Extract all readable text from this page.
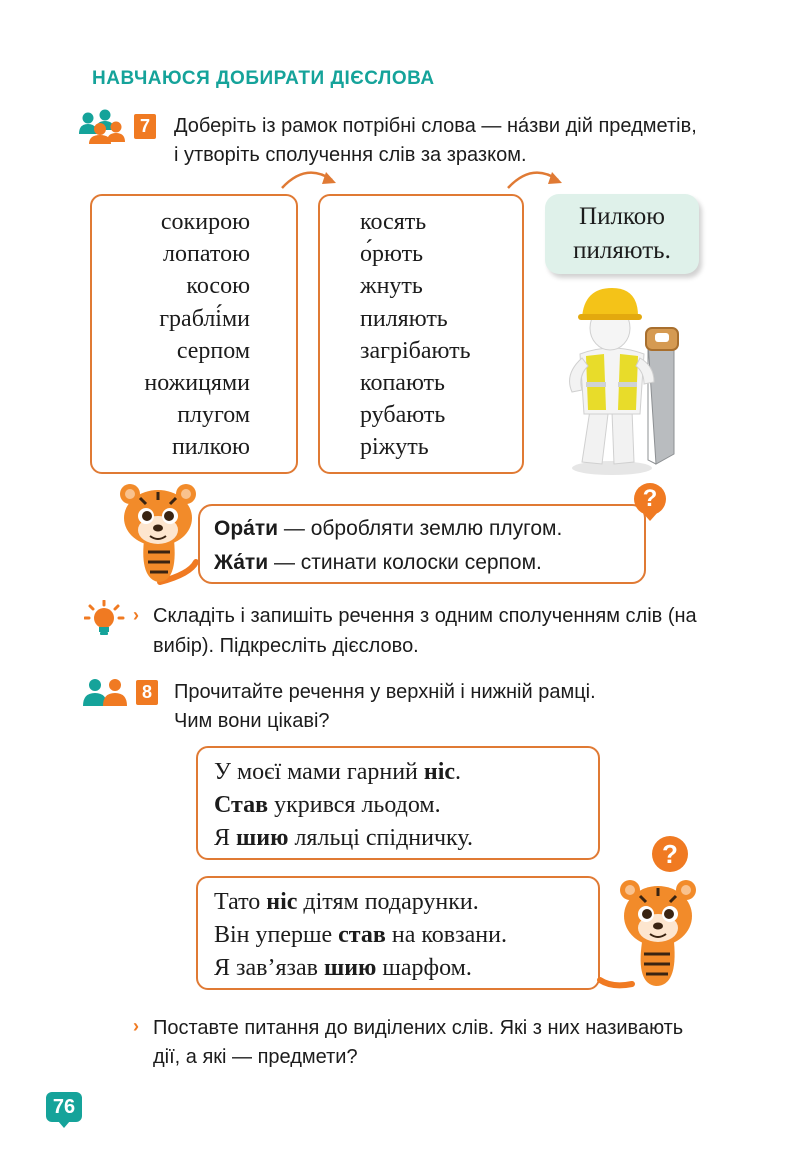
НАВЧАЮСЯ ДОБИРАТИ ДІЄСЛОВА
7	Доберіть із рамок потрібні слова — на́зви дій предметів,
і утворіть сполучення слів за зразком.
сокирою
лопатою
косою
граблі́ми
серпом
ножицями
плугом
пилкою
косять
о́рють
жнуть
пиляють
загрібають
копають
рубають
ріжуть
Пилкою
пиляють.
Ора́ти — обробляти землю плугом.
Жа́ти — стинати колоски серпом.
?
› Складіть і запишіть речення з одним сполученням слів (на
вибір). Підкресліть дієслово.
8	Прочитайте речення у верхній і нижній рамці.
Чим вони цікаві?
У моєї мами гарний ніс.
Став укрився льодом.
Я шию ляльці спідничку.
Тато ніс дітям подарунки.
Він уперше став на ковзани.
Я зав’язав шию шарфом.
?
› Поставте питання до виділених слів. Які з них називають
дії, а які — предмети?
76
